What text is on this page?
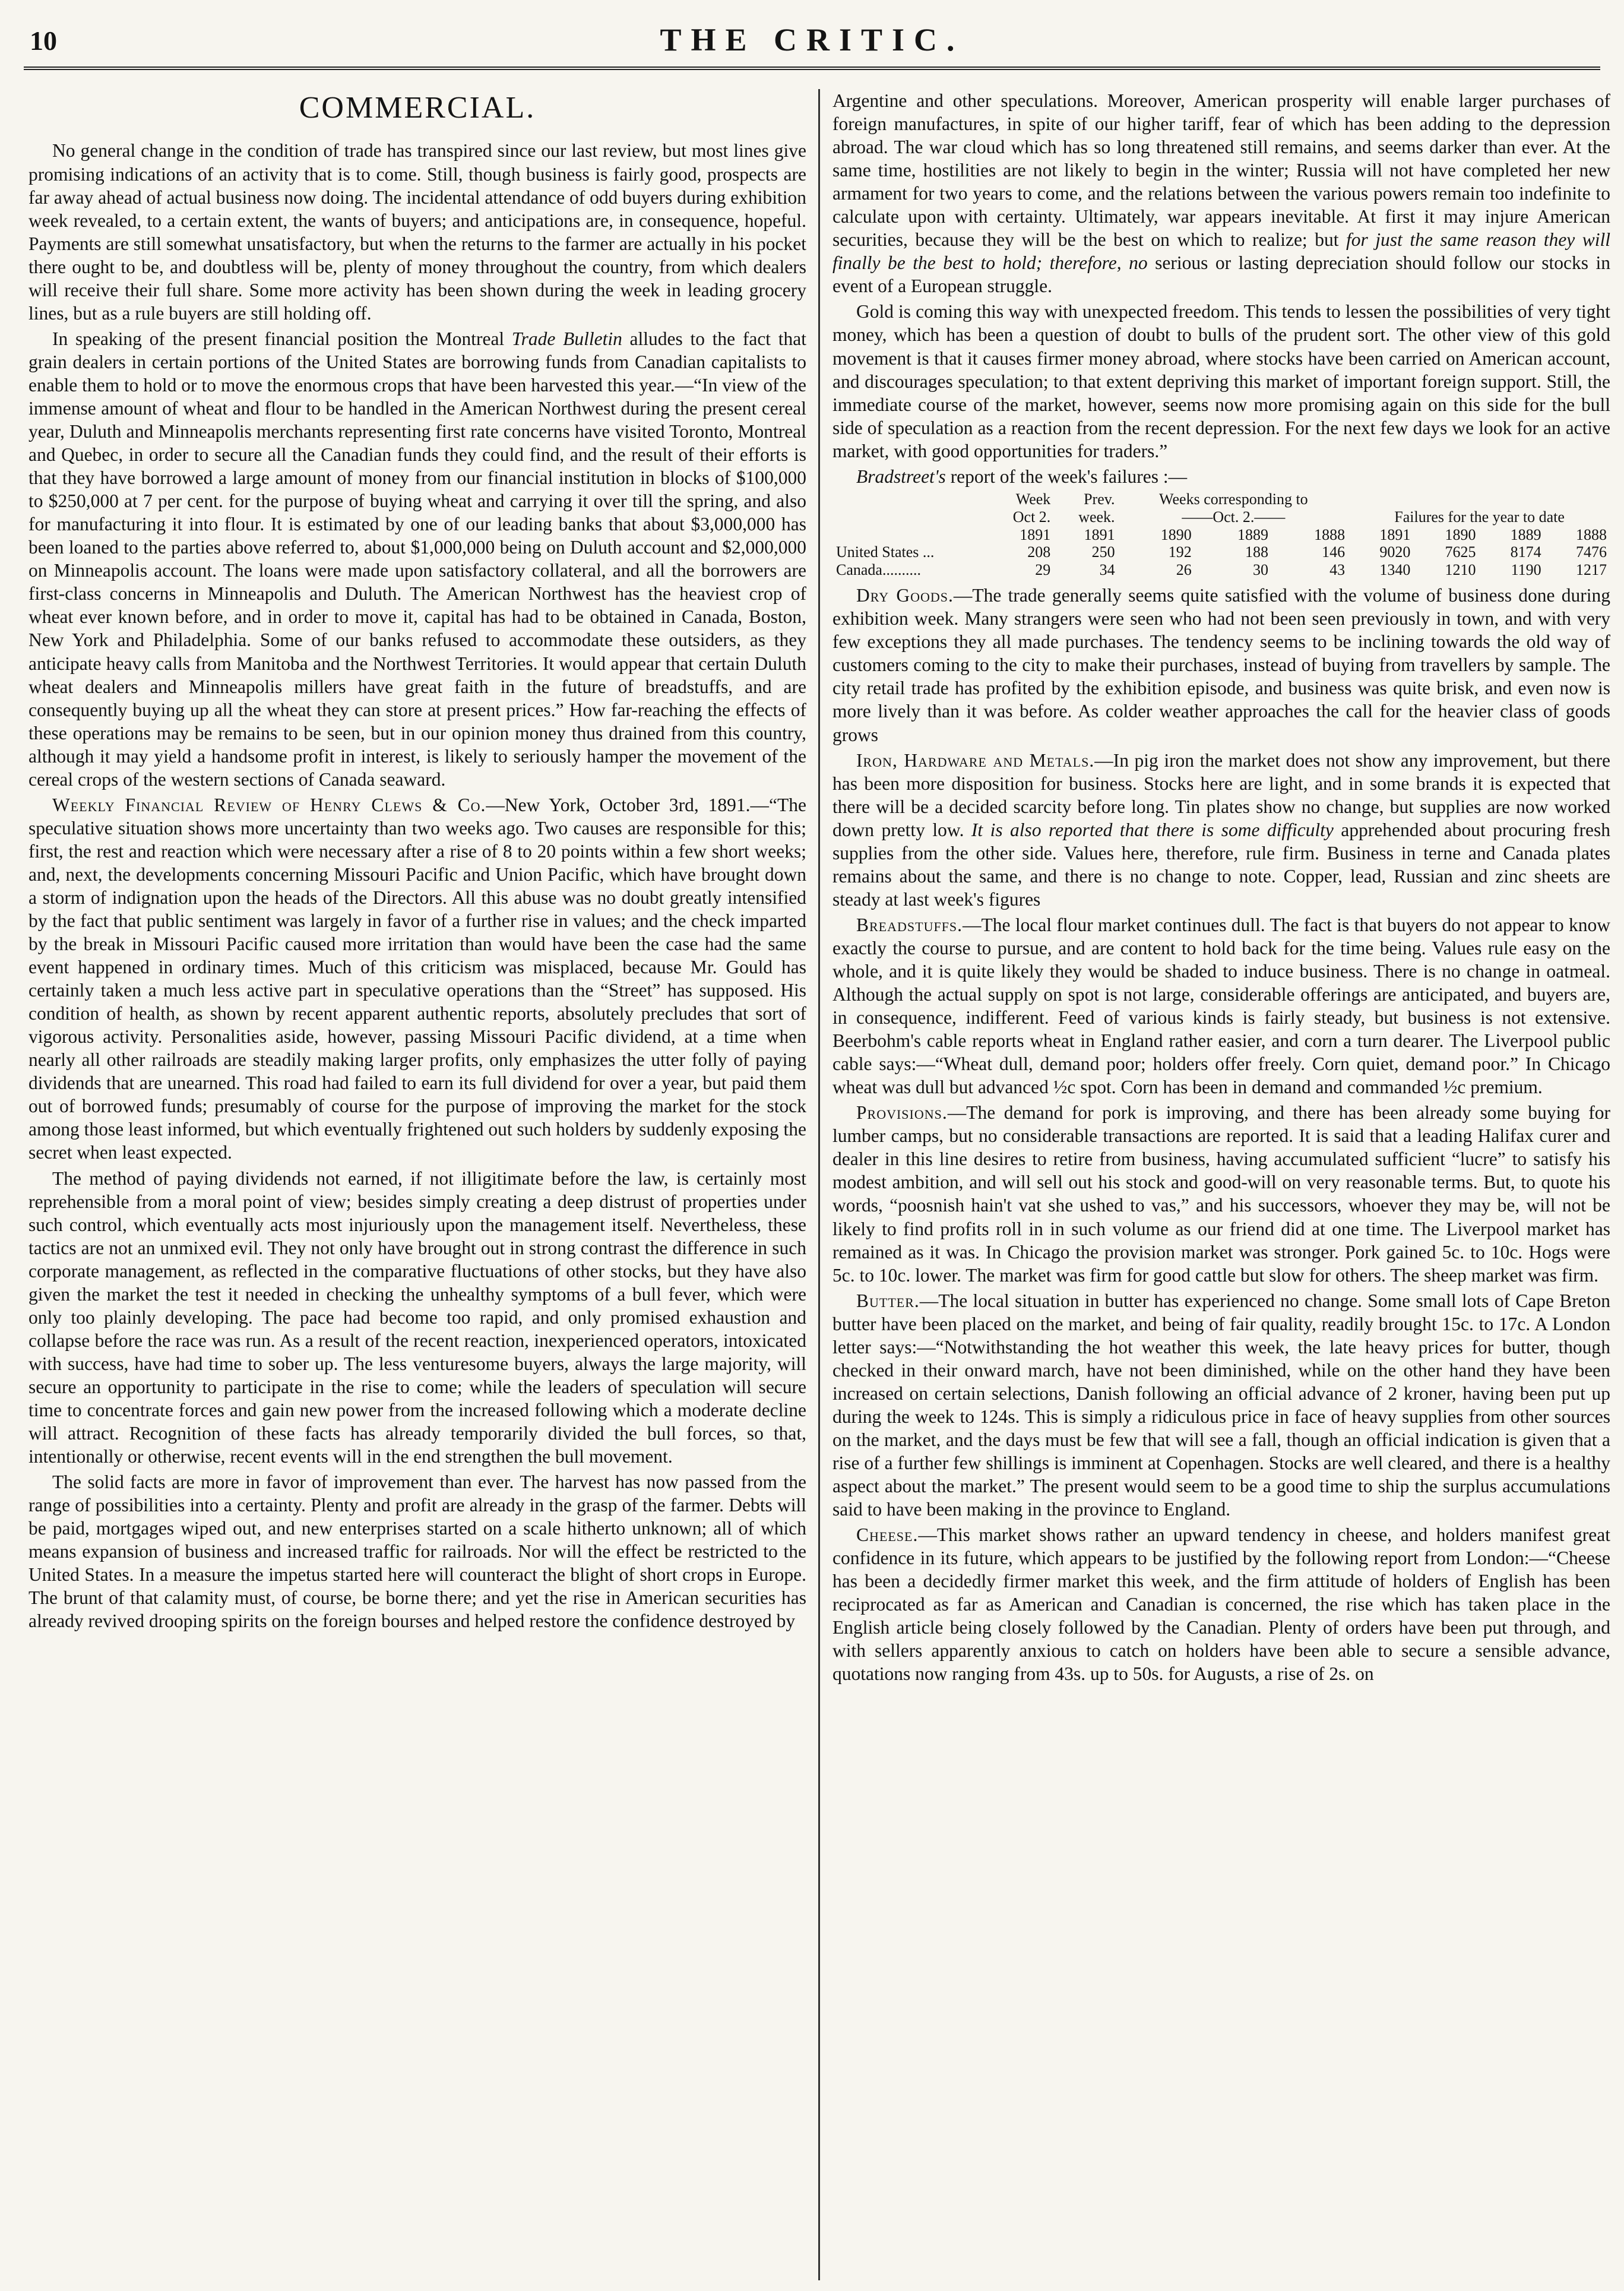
10	THE CRITIC.
COMMERCIAL.

No general change in the condition of trade has transpired since our last review, but most lines give promising indications of an activity that is to come. Still, though business is fairly good, prospects are far away ahead of actual business now doing. The incidental attendance of odd buyers during exhibition week revealed, to a certain extent, the wants of buyers; and anticipations are, in consequence, hopeful. Payments are still somewhat unsatisfactory, but when the returns to the farmer are actually in his pocket there ought to be, and doubtless will be, plenty of money throughout the country, from which dealers will receive their full share. Some more activity has been shown during the week in leading grocery lines, but as a rule buyers are still holding off.

In speaking of the present financial position the Montreal Trade Bulletin alludes to the fact that grain dealers in certain portions of the United States are borrowing funds from Canadian capitalists to enable them to hold or to move the enormous crops that have been harvested this year.—“In view of the immense amount of wheat and flour to be handled in the American Northwest during the present cereal year, Duluth and Minneapolis merchants representing first rate concerns have visited Toronto, Montreal and Quebec, in order to secure all the Canadian funds they could find, and the result of their efforts is that they have borrowed a large amount of money from our financial institution in blocks of $100,000 to $250,000 at 7 per cent. for the purpose of buying wheat and carrying it over till the spring, and also for manufacturing it into flour. It is estimated by one of our leading banks that about $3,000,000 has been loaned to the parties above referred to, about $1,000,000 being on Duluth account and $2,000,000 on Minneapolis account. The loans were made upon satisfactory collateral, and all the borrowers are first-class concerns in Minneapolis and Duluth. The American Northwest has the heaviest crop of wheat ever known before, and in order to move it, capital has had to be obtained in Canada, Boston, New York and Philadelphia. Some of our banks refused to accommodate these outsiders, as they anticipate heavy calls from Manitoba and the Northwest Territories. It would appear that certain Duluth wheat dealers and Minneapolis millers have great faith in the future of breadstuffs, and are consequently buying up all the wheat they can store at present prices.” How far-reaching the effects of these operations may be remains to be seen, but in our opinion money thus drained from this country, although it may yield a handsome profit in interest, is likely to seriously hamper the movement of the cereal crops of the western sections of Canada seaward.

Weekly Financial Review of Henry Clews & Co.—New York, October 3rd, 1891.—“The speculative situation shows more uncertainty than two weeks ago. Two causes are responsible for this; first, the rest and reaction which were necessary after a rise of 8 to 20 points within a few short weeks; and, next, the developments concerning Missouri Pacific and Union Pacific, which have brought down a storm of indignation upon the heads of the Directors. All this abuse was no doubt greatly intensified by the fact that public sentiment was largely in favor of a further rise in values; and the check imparted by the break in Missouri Pacific caused more irritation than would have been the case had the same event happened in ordinary times. Much of this criticism was misplaced, because Mr. Gould has certainly taken a much less active part in speculative operations than the “Street” has supposed. His condition of health, as shown by recent apparent authentic reports, absolutely precludes that sort of vigorous activity. Personalities aside, however, passing Missouri Pacific dividend, at a time when nearly all other railroads are steadily making larger profits, only emphasizes the utter folly of paying dividends that are unearned. This road had failed to earn its full dividend for over a year, but paid them out of borrowed funds; presumably of course for the purpose of improving the market for the stock among those least informed, but which eventually frightened out such holders by suddenly exposing the secret when least expected.

The method of paying dividends not earned, if not illigitimate before the law, is certainly most reprehensible from a moral point of view; besides simply creating a deep distrust of properties under such control, which eventually acts most injuriously upon the management itself. Nevertheless, these tactics are not an unmixed evil. They not only have brought out in strong contrast the difference in such corporate management, as reflected in the comparative fluctuations of other stocks, but they have also given the market the test it needed in checking the unhealthy symptoms of a bull fever, which were only too plainly developing. The pace had become too rapid, and only promised exhaustion and collapse before the race was run. As a result of the recent reaction, inexperienced operators, intoxicated with success, have had time to sober up. The less venturesome buyers, always the large majority, will secure an opportunity to participate in the rise to come; while the leaders of speculation will secure time to concentrate forces and gain new power from the increased following which a moderate decline will attract. Recognition of these facts has already temporarily divided the bull forces, so that, intentionally or otherwise, recent events will in the end strengthen the bull movement.

The solid facts are more in favor of improvement than ever. The harvest has now passed from the range of possibilities into a certainty. Plenty and profit are already in the grasp of the farmer. Debts will be paid, mortgages wiped out, and new enterprises started on a scale hitherto unknown; all of which means expansion of business and increased traffic for railroads. Nor will the effect be restricted to the United States. In a measure the impetus started here will counteract the blight of short crops in Europe. The brunt of that calamity must, of course, be borne there; and yet the rise in American securities has already revived drooping spirits on the foreign bourses and helped restore the confidence destroyed by

Argentine and other speculations. Moreover, American prosperity will enable larger purchases of foreign manufactures, in spite of our higher tariff, fear of which has been adding to the depression abroad. The war cloud which has so long threatened still remains, and seems darker than ever. At the same time, hostilities are not likely to begin in the winter; Russia will not have completed her new armament for two years to come, and the relations between the various powers remain too indefinite to calculate upon with certainty. Ultimately, war appears inevitable. At first it may injure American securities, because they will be the best on which to realize; but for just the same reason they will finally be the best to hold; therefore, no serious or lasting depreciation should follow our stocks in event of a European struggle.

Gold is coming this way with unexpected freedom. This tends to lessen the possibilities of very tight money, which has been a question of doubt to bulls of the prudent sort. The other view of this gold movement is that it causes firmer money abroad, where stocks have been carried on American account, and discourages speculation; to that extent depriving this market of important foreign support. Still, the immediate course of the market, however, seems now more promising again on this side for the bull side of speculation as a reaction from the recent depression. For the next few days we look for an active market, with good opportunities for traders.”

Bradstreet's report of the week's failures :—

	Week	Prev.	Weeks corresponding to						
	Oct 2.	week.	——Oct. 2.——			Failures for the year to date			
	1891	1891	1890	1889	1888	1891	1890	1889	1888
United States ...	208	250	192	188	146	9020	7625	8174	7476
Canada..........	29	34	26	30	43	1340	1210	1190	1217

Dry Goods.—The trade generally seems quite satisfied with the volume of business done during exhibition week. Many strangers were seen who had not been seen previously in town, and with very few exceptions they all made purchases. The tendency seems to be inclining towards the old way of customers coming to the city to make their purchases, instead of buying from travellers by sample. The city retail trade has profited by the exhibition episode, and business was quite brisk, and even now is more lively than it was before. As colder weather approaches the call for the heavier class of goods grows

Iron, Hardware and Metals.—In pig iron the market does not show any improvement, but there has been more disposition for business. Stocks here are light, and in some brands it is expected that there will be a decided scarcity before long. Tin plates show no change, but supplies are now worked down pretty low. It is also reported that there is some difficulty apprehended about procuring fresh supplies from the other side. Values here, therefore, rule firm. Business in terne and Canada plates remains about the same, and there is no change to note. Copper, lead, Russian and zinc sheets are steady at last week's figures

Breadstuffs.—The local flour market continues dull. The fact is that buyers do not appear to know exactly the course to pursue, and are content to hold back for the time being. Values rule easy on the whole, and it is quite likely they would be shaded to induce business. There is no change in oatmeal. Although the actual supply on spot is not large, considerable offerings are anticipated, and buyers are, in consequence, indifferent. Feed of various kinds is fairly steady, but business is not extensive. Beerbohm's cable reports wheat in England rather easier, and corn a turn dearer. The Liverpool public cable says:—“Wheat dull, demand poor; holders offer freely. Corn quiet, demand poor.” In Chicago wheat was dull but advanced ½c spot. Corn has been in demand and commanded ½c premium.

Provisions.—The demand for pork is improving, and there has been already some buying for lumber camps, but no considerable transactions are reported. It is said that a leading Halifax curer and dealer in this line desires to retire from business, having accumulated sufficient “lucre” to satisfy his modest ambition, and will sell out his stock and good-will on very reasonable terms. But, to quote his words, “poosnish hain't vat she ushed to vas,” and his successors, whoever they may be, will not be likely to find profits roll in in such volume as our friend did at one time. The Liverpool market has remained as it was. In Chicago the provision market was stronger. Pork gained 5c. to 10c. Hogs were 5c. to 10c. lower. The market was firm for good cattle but slow for others. The sheep market was firm.

Butter.—The local situation in butter has experienced no change. Some small lots of Cape Breton butter have been placed on the market, and being of fair quality, readily brought 15c. to 17c. A London letter says:—“Notwithstanding the hot weather this week, the late heavy prices for butter, though checked in their onward march, have not been diminished, while on the other hand they have been increased on certain selections, Danish following an official advance of 2 kroner, having been put up during the week to 124s. This is simply a ridiculous price in face of heavy supplies from other sources on the market, and the days must be few that will see a fall, though an official indication is given that a rise of a further few shillings is imminent at Copenhagen. Stocks are well cleared, and there is a healthy aspect about the market.” The present would seem to be a good time to ship the surplus accumulations said to have been making in the province to England.

Cheese.—This market shows rather an upward tendency in cheese, and holders manifest great confidence in its future, which appears to be justified by the following report from London:—“Cheese has been a decidedly firmer market this week, and the firm attitude of holders of English has been reciprocated as far as American and Canadian is concerned, the rise which has taken place in the English article being closely followed by the Canadian. Plenty of orders have been put through, and with sellers apparently anxious to catch on holders have been able to secure a sensible advance, quotations now ranging from 43s. up to 50s. for Augusts, a rise of 2s. on
